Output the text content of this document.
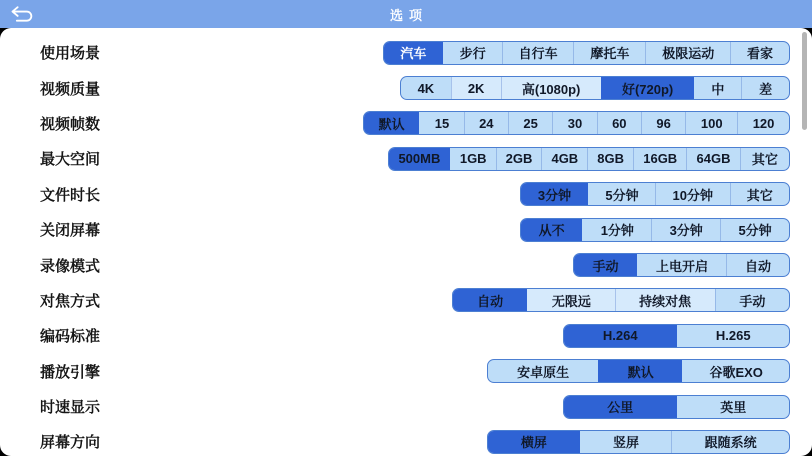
选项
使用场景	汽车	步行	自行车	摩托车	极限运动	看家
视频质量	4K	2K	高(1080p)	好(720p)	中	差
视频帧数	默认	15	24	25	30	60	96	100	120
最大空间	500MB	1GB	2GB	4GB	8GB	16GB	64GB	其它
文件时长	3分钟	5分钟	10分钟	其它
关闭屏幕	从不	1分钟	3分钟	5分钟
录像模式	手动	上电开启	自动
对焦方式	自动	无限远	持续对焦	手动
编码标准	H.264	H.265
播放引擎	安卓原生	默认	谷歌EXO
时速显示	公里	英里
屏幕方向	横屏	竖屏	跟随系统
